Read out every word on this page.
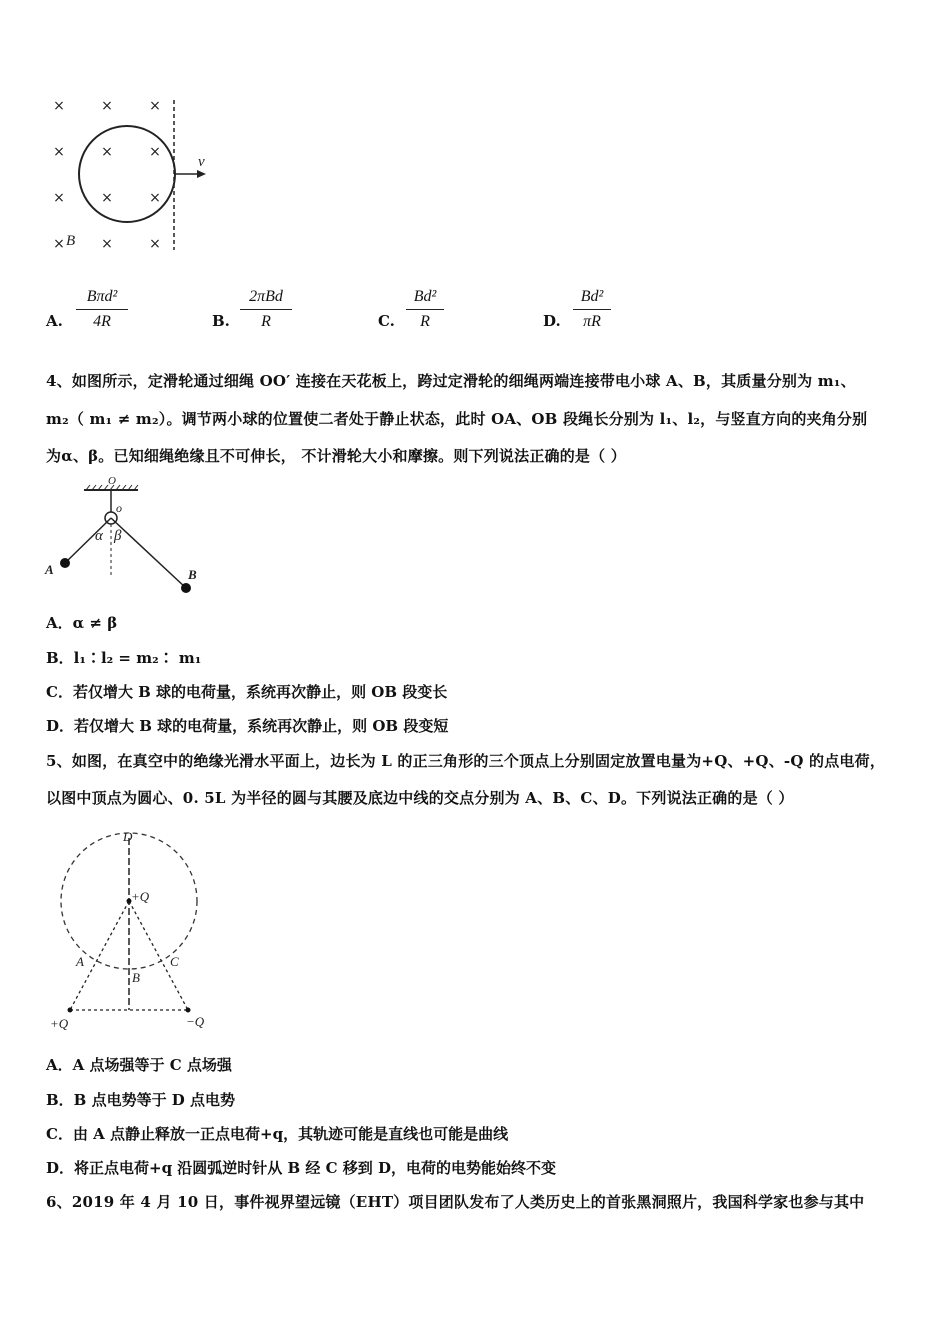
×	×	×
×	×	×
×	×	×
×	×	×
B
v
A.
Bπd²
4R	B.
2πBd
R	C. $\frac{\text{Bd²}}{R}$	D. $\frac{\text{Bd²}}{\pi R}$
4、如图所示，定滑轮通过细绳 OO′ 连接在天花板上，跨过定滑轮的细绳两端连接带电小球 A、B，其质量分别为 m₁、
m₂（ m₁ ≠ m₂）。调节两小球的位置使二者处于静止状态，此时 OA、OB 段绳长分别为 l₁、l₂，与竖直方向的夹角分别
为α、β。已知细绳绝缘且不可伸长， 不计滑轮大小和摩擦。则下列说法正确的是（ ）
O
o
α β
A	B
A．α ≠ β
B．l₁∶l₂ = m₂∶ m₁
C．若仅增大 B 球的电荷量，系统再次静止，则 OB 段变长
D．若仅增大 B 球的电荷量，系统再次静止，则 OB 段变短
5、如图，在真空中的绝缘光滑水平面上，边长为 L 的正三角形的三个顶点上分别固定放置电量为+Q、+Q、-Q 的点电荷，
以图中顶点为圆心、0. 5L 为半径的圆与其腰及底边中线的交点分别为 A、B、C、D。下列说法正确的是（ ）
D
+Q
A
B
C
+Q	−Q
A．A 点场强等于 C 点场强
B．B 点电势等于 D 点电势
C．由 A 点静止释放一正点电荷+q，其轨迹可能是直线也可能是曲线
D．将正点电荷+q 沿圆弧逆时针从 B 经 C 移到 D，电荷的电势能始终不变
6、2019 年 4 月 10 日，事件视界望远镜（EHT）项目团队发布了人类历史上的首张黑洞照片，我国科学家也参与其中
